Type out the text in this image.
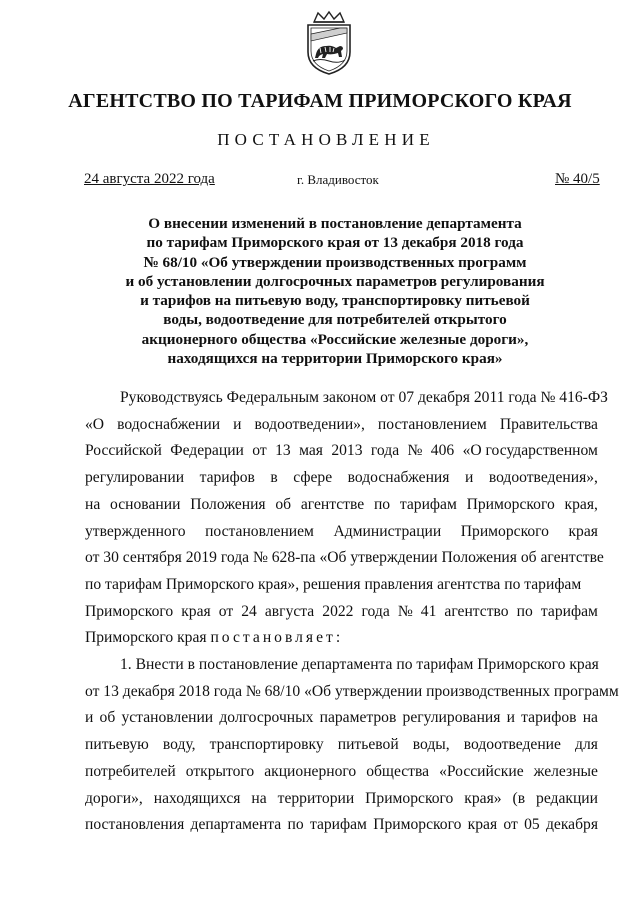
АГЕНТСТВО ПО ТАРИФАМ ПРИМОРСКОГО КРАЯ
ПОСТАНОВЛЕНИЕ
24 августа 2022 года	г. Владивосток	№ 40/5
О внесении изменений в постановление департамента
по тарифам Приморского края от 13 декабря 2018 года
№ 68/10 «Об утверждении производственных программ
и об установлении долгосрочных параметров регулирования
и тарифов на питьевую воду, транспортировку питьевой
воды, водоотведение для потребителей открытого
акционерного общества «Российские железные дороги»,
находящихся на территории Приморского края»
Руководствуясь Федеральным законом от 07 декабря 2011 года № 416-ФЗ
«О водоснабжении и водоотведении», постановлением Правительства
Российской Федерации от 13 мая 2013 года № 406 «О государственном
регулировании тарифов в сфере водоснабжения и водоотведения»,
на основании Положения об агентстве по тарифам Приморского края,
утвержденного постановлением Администрации Приморского края
от 30 сентября 2019 года № 628-па «Об утверждении Положения об агентстве
по тарифам Приморского края», решения правления агентства по тарифам
Приморского края от 24 августа 2022 года № 41 агентство по тарифам
Приморского края постановляет:
1. Внести в постановление департамента по тарифам Приморского края
от 13 декабря 2018 года № 68/10 «Об утверждении производственных программ
и об установлении долгосрочных параметров регулирования и тарифов на
питьевую воду, транспортировку питьевой воды, водоотведение для
потребителей открытого акционерного общества «Российские железные
дороги», находящихся на территории Приморского края» (в редакции
постановления департамента по тарифам Приморского края от 05 декабря
